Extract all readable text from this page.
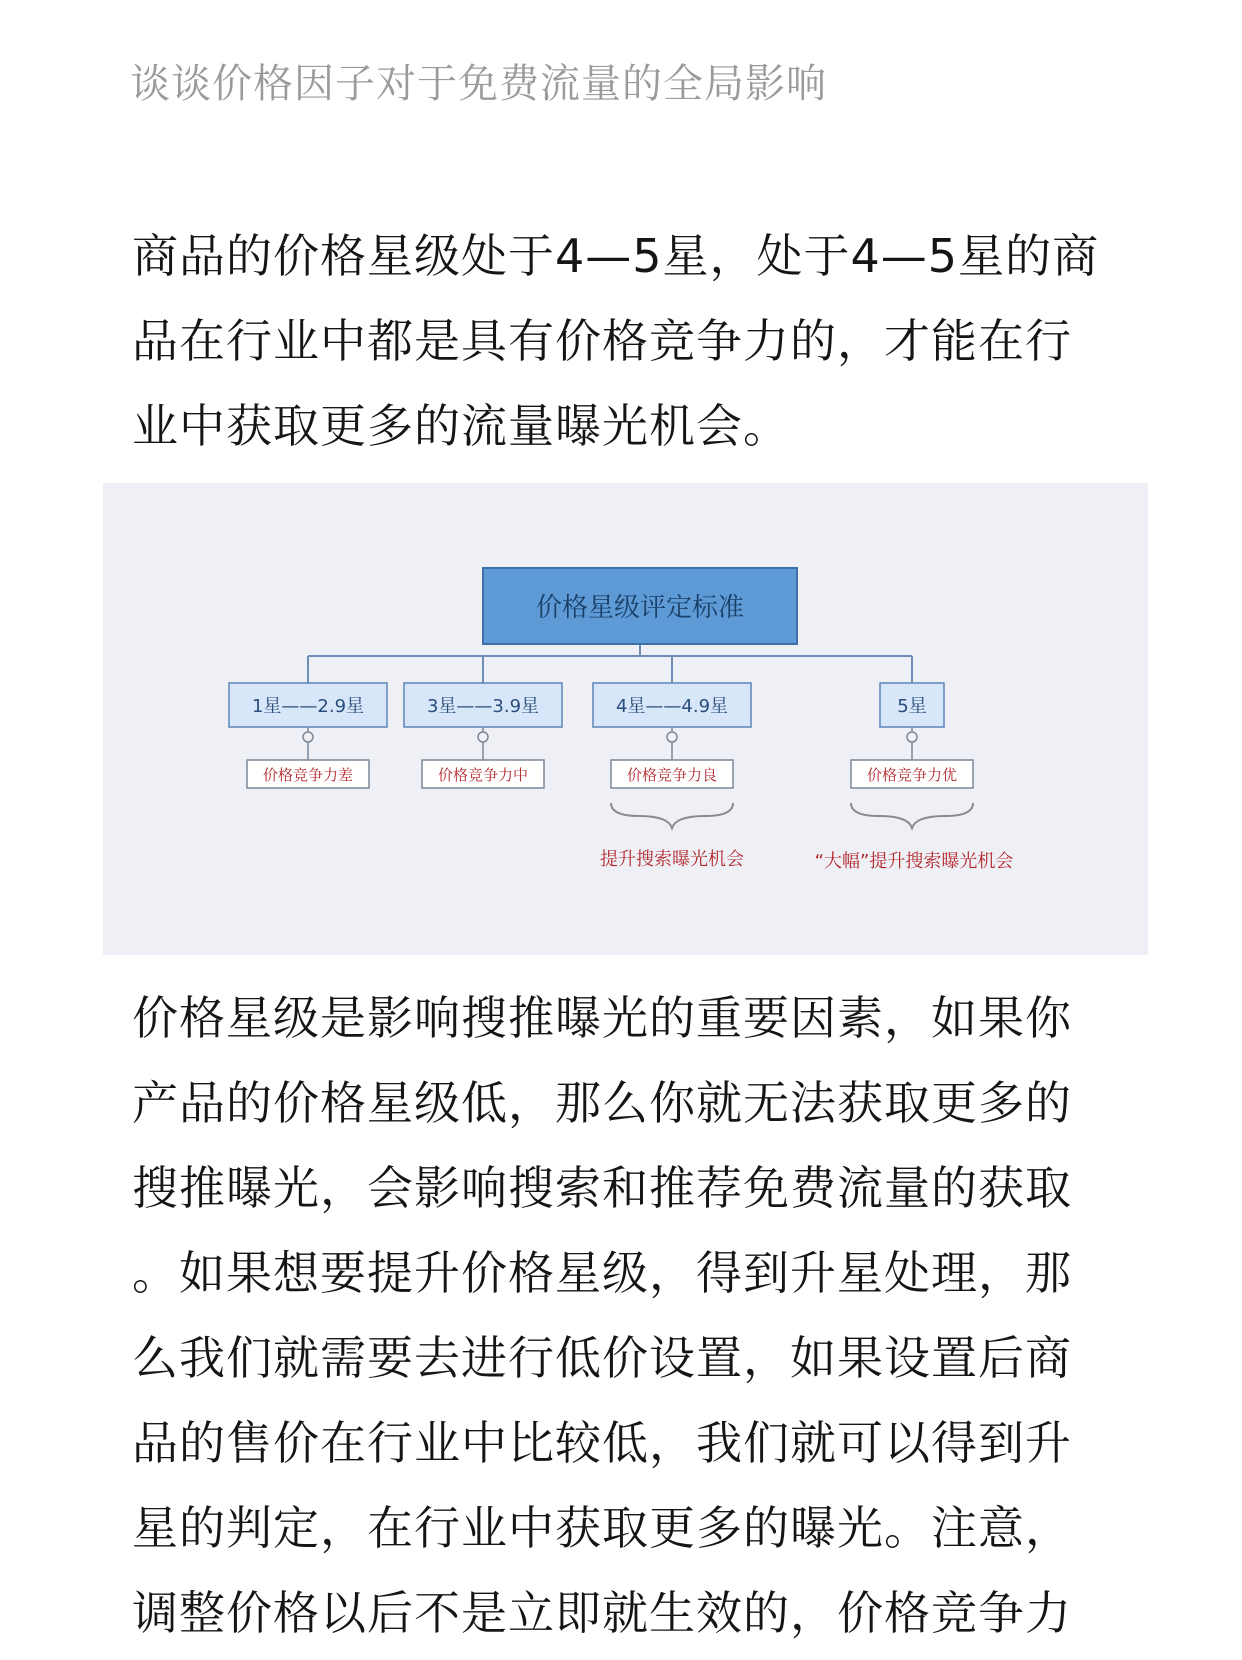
谈谈价格因子对于免费流量的全局影响
商品的价格星级处于4—5星，处于4—5星的商
品在行业中都是具有价格竞争力的，才能在行
业中获取更多的流量曝光机会。
价格星级评定标准
1星——2.9星
价格竞争力差
3星——3.9星
价格竞争力中
4星——4.9星
价格竞争力良
提升搜索曝光机会
5星
价格竞争力优
“大幅”提升搜索曝光机会
价格星级是影响搜推曝光的重要因素，如果你
产品的价格星级低，那么你就无法获取更多的
搜推曝光，会影响搜索和推荐免费流量的获取
。如果想要提升价格星级，得到升星处理，那
么我们就需要去进行低价设置，如果设置后商
品的售价在行业中比较低，我们就可以得到升
星的判定，在行业中获取更多的曝光。注意，
调整价格以后不是立即就生效的，价格竞争力
